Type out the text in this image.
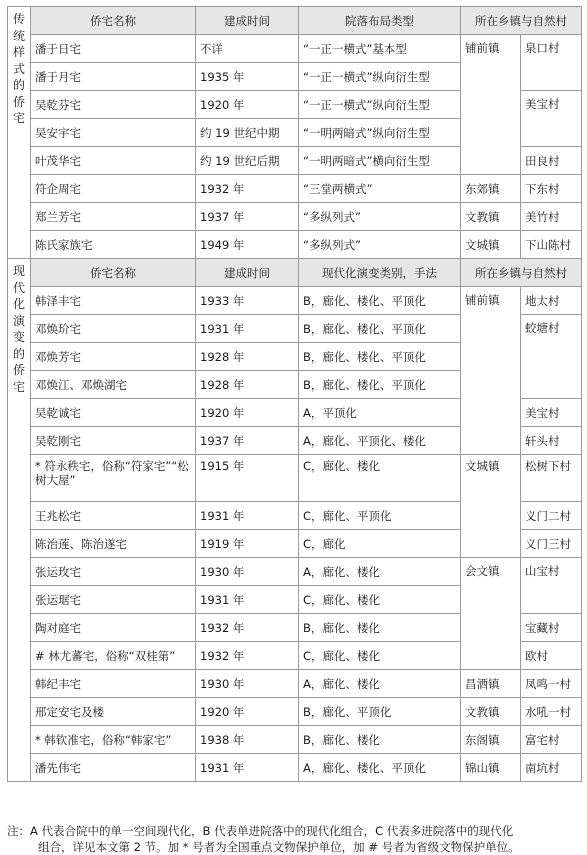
传统样式的侨宅	侨宅名称	建成时间	院落布局类型	所在乡镇与自然村	
	潘于日宅	不详	“一正一横式”基本型	铺前镇	泉口村
	潘于月宅	1935 年	“一正一横式”纵向衍生型		
	吴乾芬宅	1920 年	“一正一横式”纵向衍生型		美宝村
	吴安宇宅	约 19 世纪中期	“一明两暗式”纵向衍生型		
	叶茂华宅	约 19 世纪后期	“一明两暗式”横向衍生型		田良村
	符企周宅	1932 年	“三堂两横式”	东郊镇	下东村
	郑兰芳宅	1937 年	“多纵列式”	文教镇	美竹村
	陈氏家族宅	1949 年	“多纵列式”	文城镇	下山陈村
现代化演变的侨宅	侨宅名称	建成时间	现代化演变类别，手法	所在乡镇与自然村	
	韩泽丰宅	1933 年	B，廊化、楼化、平顶化	铺前镇	地太村
	邓焕玠宅	1931 年	B，廊化、楼化、平顶化		蛟塘村
	邓焕芳宅	1928 年	B，廊化、楼化、平顶化		
	邓焕江、邓焕湖宅	1928 年	B，廊化、楼化、平顶化		
	吴乾诚宅	1920 年	A，平顶化		美宝村
	吴乾刚宅	1937 年	A，廊化、平顶化、楼化		轩头村
	* 符永秩宅，俗称“符家宅”“松树大屋”	1915 年	C，廊化、楼化	文城镇	松树下村
	王兆松宅	1931 年	C，廊化、平顶化		义门二村
	陈治莲、陈治遂宅	1919 年	C，廊化		义门三村
	张运玫宅	1930 年	A，廊化、楼化	会文镇	山宝村
	张运琚宅	1931 年	C，廊化、楼化		
	陶对庭宅	1932 年	B，廊化、楼化		宝藏村
	# 林尤蕃宅，俗称“双桂第”	1932 年	C，廊化、楼化		欧村
	韩纪丰宅	1930 年	A，廊化、楼化	昌洒镇	凤鸣一村
	邢定安宅及楼	1920 年	B，廊化、平顶化	文教镇	水吼一村
	* 韩钦准宅，俗称“韩家宅”	1938 年	B，廊化、楼化	东阁镇	富宅村
	潘先伟宅	1931 年	A，廊化、楼化、平顶化	锦山镇	南坑村
注：A 代表合院中的单一空间现代化，B 代表单进院落中的现代化组合，C 代表多进院落中的现代化
组合，详见本文第 2 节。加 * 号者为全国重点文物保护单位，加 # 号者为省级文物保护单位。
